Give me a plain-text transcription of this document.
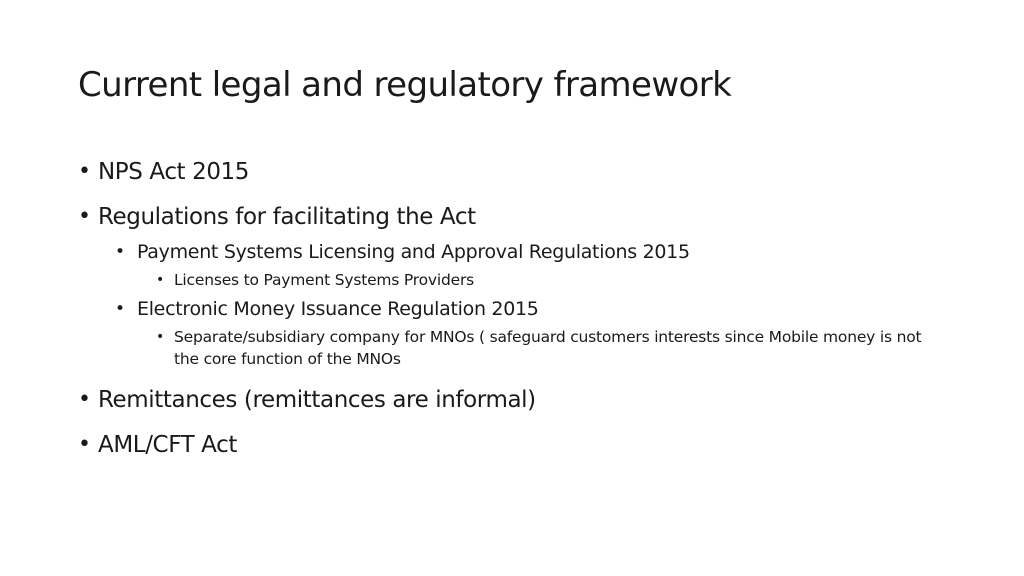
Current legal and regulatory framework
• NPS Act 2015
• Regulations for facilitating the Act
• Payment Systems Licensing and Approval Regulations 2015
• Licenses to Payment Systems Providers
• Electronic Money Issuance Regulation 2015
• Separate/subsidiary company for MNOs ( safeguard customers interests since Mobile money is not the core function of the MNOs
• Remittances (remittances are informal)
• AML/CFT Act
